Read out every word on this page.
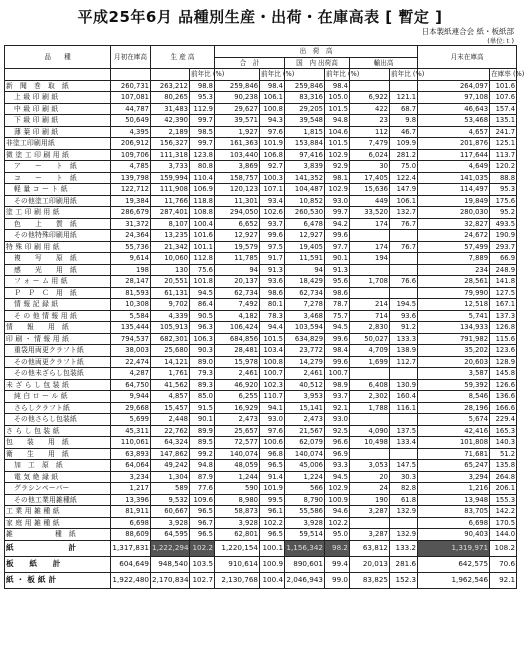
平成25年6月 品種別生産・出荷・在庫高表 [ 暫定 ]
日本製紙連合会 紙・板紙部
(単位:ｔ)
品　　種	月初在庫高	生 産 高		出　荷　高						月末在庫高	
				合　計		国　内 出荷高		輸出高			
			前年比 (%)		前年比 (%)		前年比 (%)		前年比 (%)		在庫率 (%)
新　聞　巻　取　紙	260,731	263,212	98.8	259,846	98.4	259,846	98.4			264,097	101.6
上 級 印 刷 紙	107,081	80,265	95.3	90,238	106.1	83,316	105.0	6,922	121.1	97,108	107.6
中 級 印 刷 紙	44,787	31,483	112.9	29,627	100.8	29,205	101.5	422	68.7	46,643	157.4
下 級 印 刷 紙	50,649	42,390	99.7	39,571	94.3	39,548	94.8	23	9.8	53,468	135.1
薄 葉 印 刷 紙	4,395	2,189	98.5	1,927	97.6	1,815	104.6	112	46.7	4,657	241.7
非塗工印刷用紙	206,912	156,327	99.7	161,363	101.9	153,884	101.5	7,479	109.9	201,876	125.1
微 塗 工 印 刷 用 紙	109,706	111,318	123.8	103,440	106.8	97,416	102.9	6,024	281.2	117,644	113.7
ア　　ー　　ト　紙	4,785	3,733	80.8	3,869	92.7	3,839	92.9	30	75.0	4,649	120.2
コ　　ー　　ト　紙	139,798	159,994	110.4	158,757	100.3	141,352	98.1	17,405	122.4	141,035	88.8
軽 量 コ ー ト 紙	122,712	111,908	106.9	120,123	107.1	104,487	102.9	15,636	147.9	114,497	95.3
その他塗工印刷用紙	19,384	11,766	118.8	11,301	93.4	10,852	93.0	449	106.1	19,849	175.6
塗 工 印 刷 用 紙	286,679	287,401	108.8	294,050	102.6	260,530	99.7	33,520	132.7	280,030	95.2
色　　上　　質　紙	31,372	8,107	100.4	6,652	93.7	6,478	94.2	174	76.7	32,827	493.5
その他特殊印刷用紙	24,364	13,235	101.6	12,927	99.6	12,927	99.6			24,672	190.9
特 殊 印 刷 用 紙	55,736	21,342	101.1	19,579	97.5	19,405	97.7	174	76.7	57,499	293.7
複　　写　　原　紙	9,614	10,060	112.8	11,785	91.7	11,591	90.1	194		7,889	66.9
感　　光　　用　紙	198	130	75.6	94	91.3	94	91.3			234	248.9
フ ォ ー ム 用 紙	28,147	20,551	101.8	20,137	93.6	18,429	95.6	1,708	76.6	28,561	141.8
Ｐ　Ｐ　Ｃ　用　紙	81,593	61,131	94.5	62,734	98.6	62,734	98.6			79,990	127.5
情 報 記 録 紙	10,308	9,702	86.4	7,492	80.1	7,278	78.7	214	194.5	12,518	167.1
そ の 他 情 報 用 紙	5,584	4,339	90.5	4,182	78.3	3,468	75.7	714	93.6	5,741	137.3
情　　報　　用　紙	135,444	105,913	96.3	106,424	94.4	103,594	94.5	2,830	91.2	134,933	126.8
印 刷 ・ 情 報 用 紙	794,537	682,301	106.3	684,856	101.5	634,829	99.6	50,027	133.3	791,982	115.6
重袋用両更クラフト紙	38,003	25,680	90.3	28,481	103.4	23,772	98.4	4,709	138.9	35,202	123.6
その他両更クラフト紙	22,474	14,121	89.0	15,978	100.8	14,279	99.6	1,699	112.7	20,603	128.9
その他未ざらし包装紙	4,287	1,761	79.3	2,461	100.7	2,461	100.7			3,587	145.8
未 ざ ら し 包 装 紙	64,750	41,562	89.3	46,920	102.3	40,512	98.9	6,408	130.9	59,392	126.6
純 白 ロ ー ル 紙	9,944	4,857	85.0	6,255	110.7	3,953	93.7	2,302	160.4	8,546	136.6
さらしクラフト紙	29,668	15,457	91.5	16,929	94.1	15,141	92.1	1,788	116.1	28,196	166.6
その他さらし包装紙	5,699	2,448	90.1	2,473	93.0	2,473	93.0			5,674	229.4
さ ら し 包 装 紙	45,311	22,762	89.9	25,657	97.6	21,567	92.5	4,090	137.5	42,416	165.3
包　　装　　用　紙	110,061	64,324	89.5	72,577	100.6	62,079	96.6	10,498	133.4	101,808	140.3
衛　　生　　用　紙	63,893	147,862	99.2	140,074	96.8	140,074	96.9			71,681	51.2
加　工　原　紙	64,064	49,242	94.8	48,059	96.5	45,006	93.3	3,053	147.5	65,247	135.8
電 気 絶 縁 紙	3,234	1,304	87.9	1,244	91.4	1,224	94.5	20	30.3	3,294	264.8
グラシンペーパー	1,217	589	77.6	590	101.9	566	102.9	24	82.8	1,216	206.1
その他工業用雑種紙	13,396	9,532	109.6	8,980	99.5	8,790	100.9	190	61.8	13,948	155.3
工 業 用 雑 種 紙	81,911	60,667	96.5	58,873	96.1	55,586	94.6	3,287	132.9	83,705	142.2
家 庭 用 雑 種 紙	6,698	3,928	96.7	3,928	102.2	3,928	102.2			6,698	170.5
雑　　　　　　種　紙	88,609	64,595	96.5	62,801	96.5	59,514	95.0	3,287	132.9	90,403	144.0
紙　　　　　　　計	1,317,831	1,222,294	102.2	1,220,154	100.1	1,156,342	98.2	63,812	133.2	1,319,971	108.2
板　　紙　　計	604,649	948,540	103.5	910,614	100.9	890,601	99.4	20,013	281.6	642,575	70.6
紙 ・ 板 紙 計	1,922,480	2,170,834	102.7	2,130,768	100.4	2,046,943	99.0	83,825	152.3	1,962,546	92.1
